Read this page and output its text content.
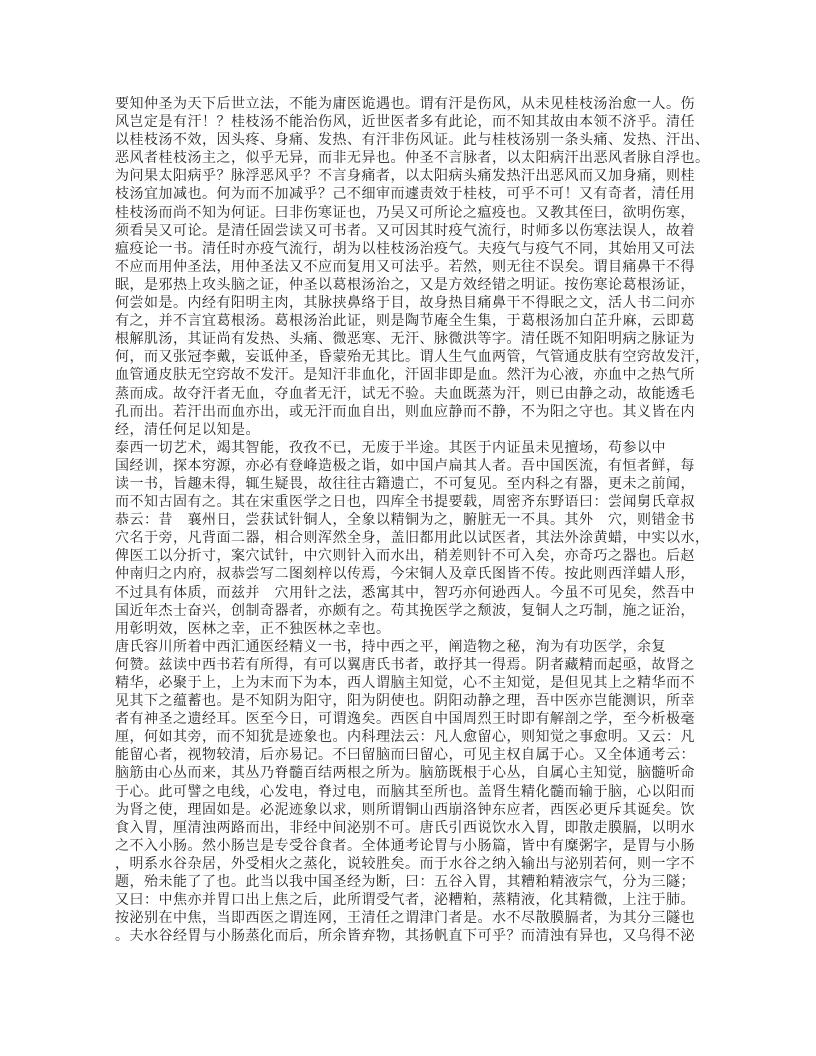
要知仲圣为天下后世立法，不能为庸医诡遇也。谓有汗是伤风，从未见桂枝汤治愈一人。伤
风岂定是有汗！？桂枝汤不能治伤风，近世医者多有此论，而不知其故由本领不济乎。清任
以桂枝汤不效，因头疼、身痛、发热、有汗非伤风证。此与桂枝汤别一条头痛、发热、汗出、
恶风者桂枝汤主之，似乎无异，而非无异也。仲圣不言脉者，以太阳病汗出恶风者脉自浮也。
为问果太阳病乎？脉浮恶风乎？不言身痛者，以太阳病头痛发热汗出恶风而又加身痛，则桂
枝汤宜加减也。何为而不加减乎？己不细审而遽责效于桂枝，可乎不可！又有奇者，清任用
桂枝汤而尚不知为何证。曰非伤寒证也，乃吴又可所论之瘟疫也。又教其侄曰，欲明伤寒，
须看吴又可论。是清任固尝读又可书者。又可因其时疫气流行，时师多以伤寒法误人，故着
瘟疫论一书。清任时亦疫气流行，胡为以桂枝汤治疫气。夫疫气与疫气不同，其始用又可法
不应而用仲圣法，用仲圣法又不应而复用又可法乎。若然，则无往不误矣。谓目痛鼻干不得
眠，是邪热上攻头脑之证，仲圣以葛根汤治之，又是方效经错之明证。按伤寒论葛根汤证，
何尝如是。内经有阳明主肉，其脉挟鼻络于目，故身热目痛鼻干不得眠之文，活人书二问亦
有之，并不言宜葛根汤。葛根汤治此证，则是陶节庵全生集，于葛根汤加白芷升麻，云即葛
根解肌汤，其证尚有发热、头痛、微恶寒、无汗、脉微洪等字。清任既不知阳明病之脉证为
何，而又张冠李戴，妄诋仲圣，昏蒙殆无其比。谓人生气血两管，气管通皮肤有空窍故发汗，
血管通皮肤无空窍故不发汗。是知汗非血化，汗固非即是血。然汗为心液，亦血中之热气所
蒸而成。故夺汗者无血，夺血者无汗，试无不验。夫血既蒸为汗，则已由静之动，故能透毛
孔而出。若汗出而血亦出，或无汗而血自出，则血应静而不静，不为阳之守也。其义皆在内
经，清任何足以知是。
泰西一切艺术，竭其智能，孜孜不已，无废于半途。其医于内证虽未见擅场，苟参以中
国经训，探本穷源，亦必有登峰造极之诣，如中国卢扁其人者。吾中国医流，有恒者鲜，每
读一书，旨趣未得，辄生疑畏，故往往古籍遗亡，不可复见。至内科之有器，更未之前闻，
而不知古固有之。其在宋重医学之日也，四库全书提要载，周密齐东野语曰：尝闻舅氏章叔
恭云：昔　襄州日，尝获试针铜人，全象以精铜为之，腑脏无一不具。其外　穴，则错金书
穴名于旁，凡背面二器，相合则浑然全身，盖旧都用此以试医者，其法外涂黄蜡，中实以水，
俾医工以分折寸，案穴试针，中穴则针入而水出，稍差则针不可入矣，亦奇巧之器也。后赵
仲南归之内府，叔恭尝写二图刻梓以传焉，今宋铜人及章氏图皆不传。按此则西洋蜡人形，
不过具有体质，而兹并　穴用针之法，悉寓其中，智巧亦何逊西人。今虽不可见矣，然吾中
国近年杰士奋兴，创制奇器者，亦颇有之。苟其挽医学之颓波，复铜人之巧制，施之证治，
用彰明效，医林之幸，正不独医林之幸也。
唐氏容川所着中西汇通医经精义一书，持中西之平，阐造物之秘，洵为有功医学，余复
何赞。兹读中西书若有所得，有可以翼唐氏书者，敢抒其一得焉。阴者藏精而起亟，故肾之
精华，必聚于上，上为末而下为本，西人谓脑主知觉，心不主知觉，是但见其上之精华而不
见其下之蕴蓄也。是不知阴为阳守，阳为阴使也。阴阳动静之理，吾中医亦岂能测识，所幸
者有神圣之遗经耳。医至今日，可谓逸矣。西医自中国周烈王时即有解剖之学，至今析极毫
厘，何如其旁，而不知犹是迹象也。内科理法云：凡人愈留心，则知觉之事愈明。又云：凡
能留心者，视物较清，后亦易记。不曰留脑而曰留心，可见主权自属于心。又全体通考云：
脑筋由心丛而来，其丛乃脊髓百结两根之所为。脑筋既根于心丛，自属心主知觉，脑髓听命
于心。此可譬之电线，心发电，脊过电，而脑其至所也。盖肾生精化髓而输于脑，心以阳而
为肾之使，理固如是。必泥迹象以求，则所谓铜山西崩洛钟东应者，西医必更斥其诞矣。饮
食入胃，厘清浊两路而出，非经中间泌别不可。唐氏引西说饮水入胃，即散走膜膈，以明水
之不入小肠。然小肠岂是专受谷食者。全体通考论胃与小肠篇，皆中有糜粥字，是胃与小肠
，明系水谷杂居，外受相火之蒸化，说较胜矣。而于水谷之纳入输出与泌别若何，则一字不
题，殆未能了了也。此当以我中国圣经为断，曰：五谷入胃，其糟粕精液宗气，分为三隧；
又曰：中焦亦并胃口出上焦之后，此所谓受气者，泌糟粕，蒸精液，化其精微，上注于肺。
按泌别在中焦，当即西医之谓连网，王清任之谓津门者是。水不尽散膜膈者，为其分三隧也
。夫水谷经胃与小肠蒸化而后，所余皆弃物，其扬帆直下可乎？而清浊有异也，又乌得不泌
